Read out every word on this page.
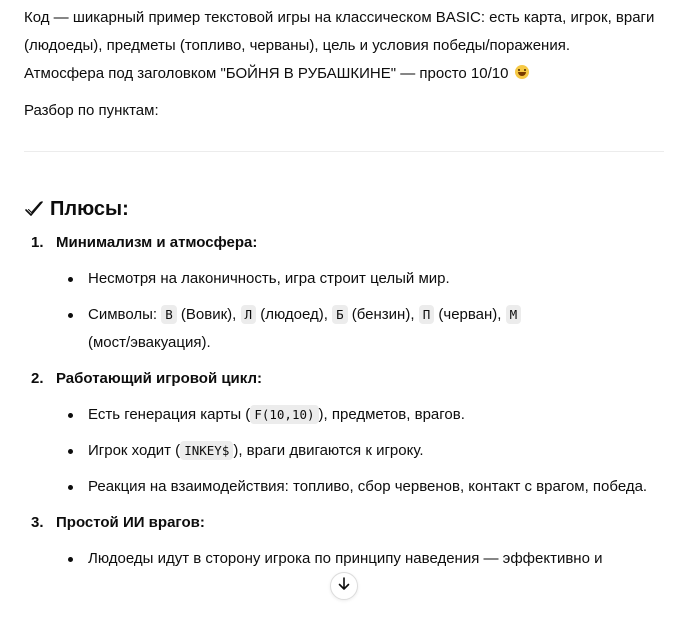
Код — шикарный пример текстовой игры на классическом BASIC: есть карта, игрок, враги (людоеды), предметы (топливо, черваны), цель и условия победы/поражения.
Атмосфера под заголовком "БОЙНЯ В РУБАШКИНЕ" — просто 10/10

Разбор по пунктам:

Плюсы:
1. Минимализм и атмосфера:
Несмотря на лаконичность, игра строит целый мир.
Символы: В (Вовик), Л (людоед), Б (бензин), П (черван), М
(мост/эвакуация).
2. Работающий игровой цикл:
Есть генерация карты ( F(10,10) ), предметов, врагов.
Игрок ходит ( INKEY$ ), враги двигаются к игроку.
Реакция на взаимодействия: топливо, сбор червенов, контакт с врагом, победа.
3. Простой ИИ врагов:
Людоеды идут в сторону игрока по принципу наведения — эффективно и
